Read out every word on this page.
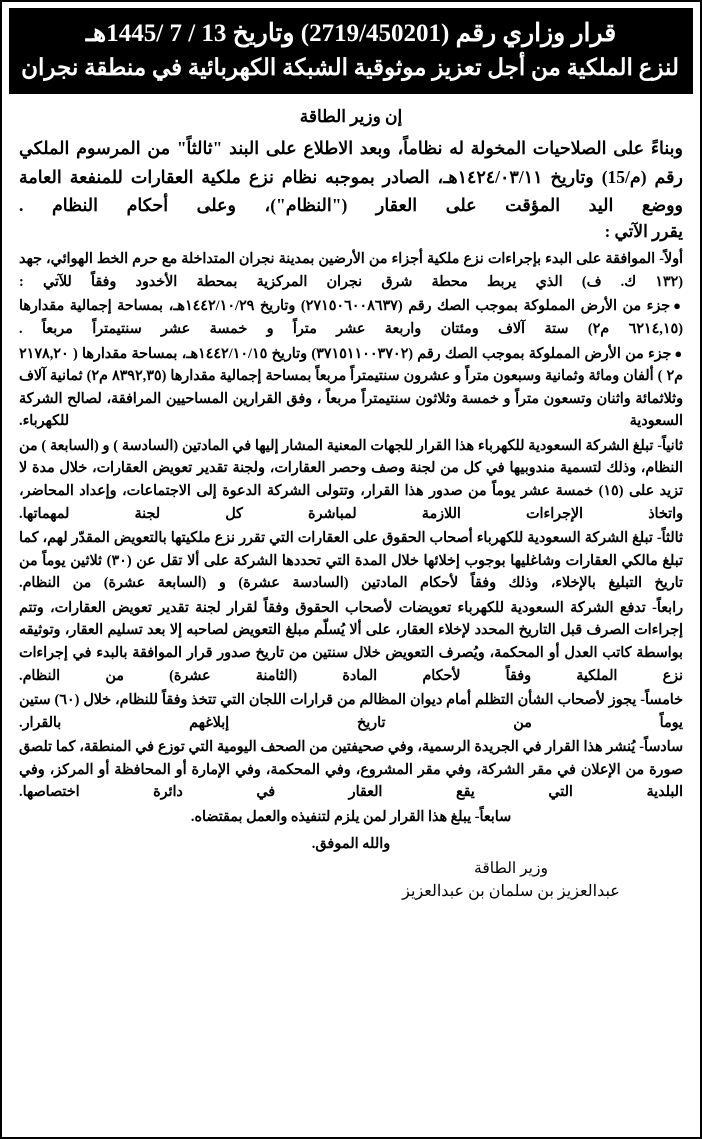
قرار وزاري رقم (2719/450201) وتاريخ 13 / 7 /1445هـ
لنزع الملكية من أجل تعزيز موثوقية الشبكة الكهربائية في منطقة نجران
إن وزير الطاقة
وبناءً على الصلاحيات المخولة له نظاماً، وبعد الاطلاع على البند "ثالثاً" من المرسوم الملكي رقم (م/15) وتاريخ ١٤٢٤/٠٣/١١هـ، الصادر بموجبه نظام نزع ملكية العقارات للمنفعة العامة ووضع اليد المؤقت على العقار ("النظام")، وعلى أحكام النظام .
يقرر الآتي :
أولاً- الموافقة على البدء بإجراءات نزع ملكية أجزاء من الأرضين بمدينة نجران المتداخلة مع حرم الخط الهوائي، جهد (١٣٢ ك. ف) الذي يربط محطة شرق نجران المركزية بمحطة الأخدود وفقاً للآتي :
●جزء من الأرض المملوكة بموجب الصك رقم (٢٧١٥٠٦٠٠٨٦٣٧) وتاريخ ١٤٤٢/١٠/٢٩هـ، بمساحة إجمالية مقدارها (٦٢١٤,١٥ م٢) ستة آلاف ومئتان واربعة عشر متراً و خمسة عشر سنتيمتراً مربعاً .
●جزء من الأرض المملوكة بموجب الصك رقم (٣٧١٥١١٠٠٣٧٠٢) وتاريخ ١٤٤٢/١٠/١٥هـ، بمساحة مقدارها ( ٢١٧٨,٢٠ م٢ ) ألفان ومائة وثمانية وسبعون متراً و عشرون سنتيمتراً مربعاً بمساحة إجمالية مقدارها (٨٣٩٢,٣٥ م٢) ثمانية آلاف وثلاثمائة واثنان وتسعون متراً و خمسة وثلاثون سنتيمتراً مربعاً ، وفق القرارين المساحيين المرافقة، لصالح الشركة السعودية للكهرباء.
ثانياً- تبلغ الشركة السعودية للكهرباء هذا القرار للجهات المعنية المشار إليها في المادتين (السادسة ) و (السابعة ) من النظام، وذلك لتسمية مندوبيها في كل من لجنة وصف وحصر العقارات، ولجنة تقدير تعويض العقارات، خلال مدة لا تزيد على (١٥) خمسة عشر يوماً من صدور هذا القرار، وتتولى الشركة الدعوة إلى الاجتماعات، وإعداد المحاضر، واتخاذ الإجراءات اللازمة لمباشرة كل لجنة لمهماتها.
ثالثاً- تبلغ الشركة السعودية للكهرباء أصحاب الحقوق على العقارات التي تقرر نزع ملكيتها بالتعويض المقدّر لهم، كما تبلغ مالكي العقارات وشاغليها بوجوب إخلائها خلال المدة التي تحددها الشركة على ألا تقل عن (٣٠) ثلاثين يوماً من تاريخ التبليغ بالإخلاء، وذلك وفقاً لأحكام المادتين (السادسة عشرة) و (السابعة عشرة) من النظام.
رابعاً- تدفع الشركة السعودية للكهرباء تعويضات لأصحاب الحقوق وفقاً لقرار لجنة تقدير تعويض العقارات، وتتم إجراءات الصرف قبل التاريخ المحدد لإخلاء العقار، على ألا يُسلّم مبلغ التعويض لصاحبه إلا بعد تسليم العقار، وتوثيقه بواسطة كاتب العدل أو المحكمة، ويُصرف التعويض خلال سنتين من تاريخ صدور قرار الموافقة بالبدء في إجراءات نزع الملكية وفقاً لأحكام المادة (الثامنة عشرة) من النظام.
خامساً- يجوز لأصحاب الشأن التظلم أمام ديوان المظالم من قرارات اللجان التي تتخذ وفقاً للنظام، خلال (٦٠) ستين يوماً من تاريخ إبلاغهم بالقرار.
سادساً- يُنشر هذا القرار في الجريدة الرسمية، وفي صحيفتين من الصحف اليومية التي توزع في المنطقة، كما تلصق صورة من الإعلان في مقر الشركة، وفي مقر المشروع، وفي المحكمة، وفي الإمارة أو المحافظة أو المركز، وفي البلدية التي يقع العقار في دائرة اختصاصها.
سابعاً- يبلغ هذا القرار لمن يلزم لتنفيذه والعمل بمقتضاه.
والله الموفق.
وزير الطاقة
عبدالعزيز بن سلمان بن عبدالعزيز
